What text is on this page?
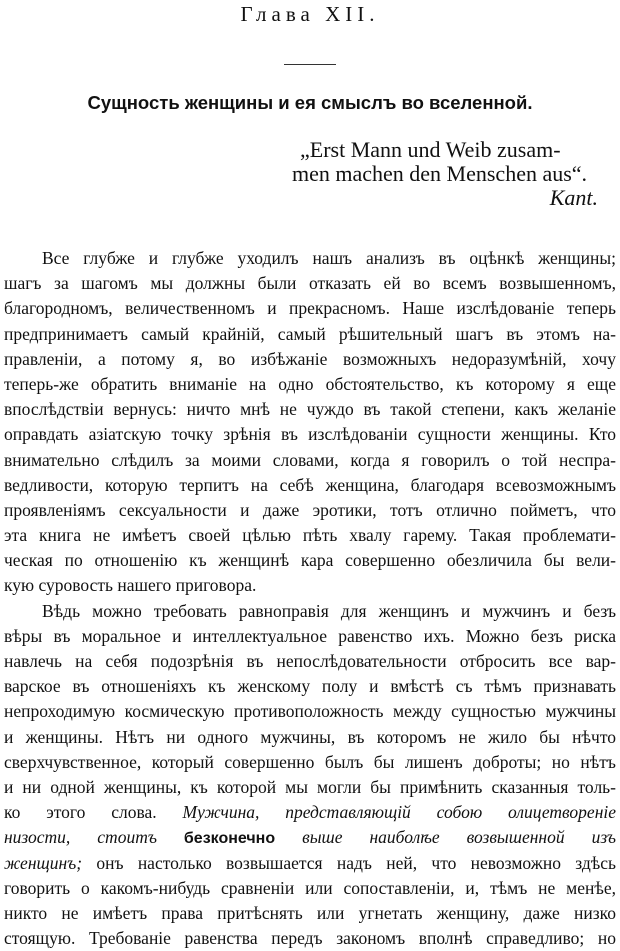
Глава XII.
Сущность женщины и ея смыслъ во вселенной.
„Erst Mann und Weib zusam-
men machen den Menschen aus“.
Kant.
Все глубже и глубже уходилъ нашъ анализъ въ оцѣнкѣ женщины;
шагъ за шагомъ мы должны были отказать ей во всемъ возвышенномъ,
благородномъ, величественномъ и прекрасномъ. Наше изслѣдованiе теперь
предпринимаетъ самый крайнiй, самый рѣшительный шагъ въ этомъ на-
правленiи, а потому я, во избѣжанiе возможныхъ недоразумѣнiй, хочу
теперь-же обратить вниманiе на одно обстоятельство, къ которому я еще
впослѣдствiи вернусь: ничто мнѣ не чуждо въ такой степени, какъ желанiе
оправдать азiатскую точку зрѣнiя въ изслѣдованiи сущности женщины. Кто
внимательно слѣдилъ за моими словами, когда я говорилъ о той неспра-
ведливости, которую терпитъ на себѣ женщина, благодаря всевозможнымъ
проявленiямъ сексуальности и даже эротики, тотъ отлично пойметъ, что
эта книга не имѣетъ своей цѣлью пѣть хвалу гарему. Такая проблемати-
ческая по отношенiю къ женщинѣ кара совершенно обезличила бы вели-
кую суровость нашего приговора.
Вѣдь можно требовать равноправiя для женщинъ и мужчинъ и безъ
вѣры въ моральное и интеллектуальное равенство ихъ. Можно безъ риска
навлечь на себя подозрѣнiя въ непослѣдовательности отбросить все вар-
варское въ отношенiяхъ къ женскому полу и вмѣстѣ съ тѣмъ признавать
непроходимую космическую противоположность между сущностью мужчины
и женщины. Нѣтъ ни одного мужчины, въ которомъ не жило бы нѣчто
сверхчувственное, который совершенно былъ бы лишенъ доброты; но нѣтъ
и ни одной женщины, къ которой мы могли бы примѣнить сказанныя толь-
ко этого слова. Мужчина, представляющiй собою олицетворенiе
низости, стоитъ безконечно выше наиболѣе возвышенной изъ
женщинъ; онъ настолько возвышается надъ ней, что невозможно здѣсь
говорить о какомъ-нибудь сравненiи или сопоставленiи, и, тѣмъ не менѣе,
никто не имѣетъ права притѣснять или угнетать женщину, даже низко
стоящую. Требованiе равенства передъ закономъ вполнѣ справедливо; но
